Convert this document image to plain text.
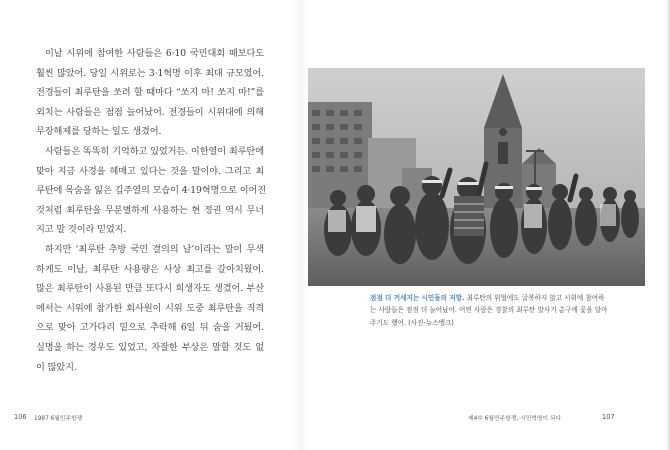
이날 시위에 참여한 사람들은 6·10 국민대회 때보다도
훨씬 많았어. 당일 시위로는 3·1혁명 이후 최대 규모였어.
전경들이 최루탄을 쏘려 할 때마다 “쏘지 마! 쏘지 마!”를
외치는 사람들은 점점 늘어났어. 전경들이 시위대에 의해
무장해제를 당하는 일도 생겼어.
사람들은 똑똑히 기억하고 있었거든. 이한열이 최루탄에
맞아 지금 사경을 헤매고 있다는 것을 말이야. 그리고 최
루탄에 목숨을 잃은 김주열의 모습이 4·19혁명으로 이어진
것처럼 최루탄을 무분별하게 사용하는 현 정권 역시 무너
지고 말 것이라 믿었지.
하지만 ‘최루탄 추방 국민 결의의 날’이라는 말이 무색
하게도 이날, 최루탄 사용량은 사상 최고를 갈아치웠어.
많은 최루탄이 사용된 만큼 또다시 희생자도 생겼어. 부산
에서는 시위에 참가한 회사원이 시위 도중 최루탄을 직격
으로 맞아 고가다리 밑으로 추락해 6일 뒤 숨을 거뒀어.
실명을 하는 경우도 있었고, 자잘한 부상은 말할 것도 없
이 많았지.
106 1987 6월민주항쟁
점점 더 거세지는 시민들의 저항. 최루탄의 위협에도 굴복하지 않고 시위에 참여하
는 사람들은 점점 더 늘어났어. 어떤 사람은 경찰의 최루탄 발사기 총구에 꽃을 달아
주기도 했어. (사진-뉴스뱅크)
제4부 6월민주항쟁, 시민혁명이 되다	107
